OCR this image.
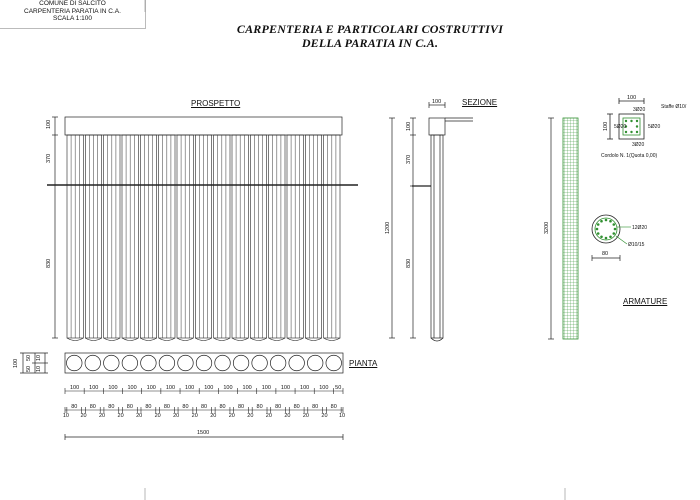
COMUNE DI SALCITO
CARPENTERIA PARATIA IN C.A.
SCALA 1:100
CARPENTERIA E PARTICOLARI COSTRUTTIVI
DELLA PARATIA IN C.A.
PROSPETTO	SEZIONE
PIANTA
ARMATURE
100
370
830
100
100
370
1200
830
3200
100
100
3Ø20
3Ø20
5Ø20	5Ø20
Staffe Ø10/
Cordolo N. 1(Quota 0,00)
12Ø20
Ø10/15
80
100
50
50
10
10
100 100 100 100 100 100 100 100 100 100 100 100 100 100 50
10
80
20
80
20
80
20
80
20
80
20
80
20
80
20
80
20
80
20
80
20
80
20
80
20
80
20
80
20
80
10
1500
